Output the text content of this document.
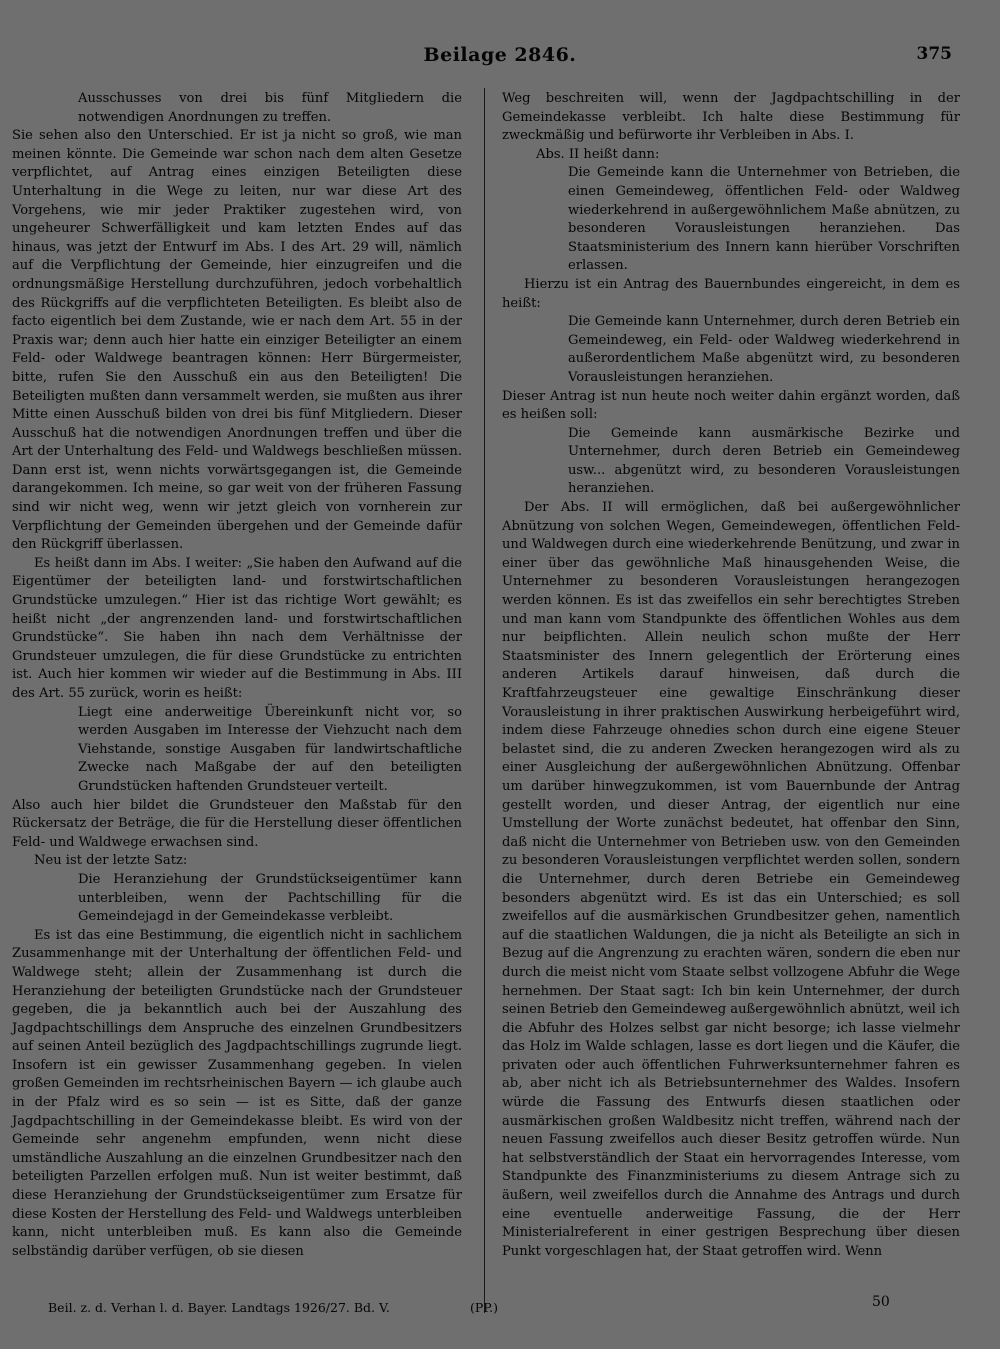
Beilage 2846.	375

Ausschusses von drei bis fünf Mitgliedern die notwendigen Anordnungen zu treffen.

Sie sehen also den Unterschied. Er ist ja nicht so groß, wie man meinen könnte. Die Gemeinde war schon nach dem alten Gesetze verpflichtet, auf Antrag eines einzigen Beteiligten diese Unterhaltung in die Wege zu leiten, nur war diese Art des Vorgehens, wie mir jeder Praktiker zugestehen wird, von ungeheurer Schwerfälligkeit und kam letzten Endes auf das hinaus, was jetzt der Entwurf im Abs. I des Art. 29 will, nämlich auf die Verpflichtung der Gemeinde, hier einzugreifen und die ordnungsmäßige Herstellung durchzuführen, jedoch vorbehaltlich des Rückgriffs auf die verpflichteten Beteiligten. Es bleibt also de facto eigentlich bei dem Zustande, wie er nach dem Art. 55 in der Praxis war; denn auch hier hatte ein einziger Beteiligter an einem Feld- oder Waldwege beantragen können: Herr Bürgermeister, bitte, rufen Sie den Ausschuß ein aus den Beteiligten! Die Beteiligten mußten dann versammelt werden, sie mußten aus ihrer Mitte einen Ausschuß bilden von drei bis fünf Mitgliedern. Dieser Ausschuß hat die notwendigen Anordnungen treffen und über die Art der Unterhaltung des Feld- und Waldwegs beschließen müssen. Dann erst ist, wenn nichts vorwärtsgegangen ist, die Gemeinde darangekommen. Ich meine, so gar weit von der früheren Fassung sind wir nicht weg, wenn wir jetzt gleich von vornherein zur Verpflichtung der Gemeinden übergehen und der Gemeinde dafür den Rückgriff überlassen.

Es heißt dann im Abs. I weiter: „Sie haben den Aufwand auf die Eigentümer der beteiligten land- und forstwirtschaftlichen Grundstücke umzulegen.“ Hier ist das richtige Wort gewählt; es heißt nicht „der angrenzenden land- und forstwirtschaftlichen Grundstücke“. Sie haben ihn nach dem Verhältnisse der Grundsteuer umzulegen, die für diese Grundstücke zu entrichten ist. Auch hier kommen wir wieder auf die Bestimmung in Abs. III des Art. 55 zurück, worin es heißt:

Liegt eine anderweitige Übereinkunft nicht vor, so werden Ausgaben im Interesse der Viehzucht nach dem Viehstande, sonstige Ausgaben für landwirtschaftliche Zwecke nach Maßgabe der auf den beteiligten Grundstücken haftenden Grundsteuer verteilt.

Also auch hier bildet die Grundsteuer den Maßstab für den Rückersatz der Beträge, die für die Herstellung dieser öffentlichen Feld- und Waldwege erwachsen sind.

Neu ist der letzte Satz:

Die Heranziehung der Grundstückseigentümer kann unterbleiben, wenn der Pachtschilling für die Gemeindejagd in der Gemeindekasse verbleibt.

Es ist das eine Bestimmung, die eigentlich nicht in sachlichem Zusammenhange mit der Unterhaltung der öffentlichen Feld- und Waldwege steht; allein der Zusammenhang ist durch die Heranziehung der beteiligten Grundstücke nach der Grundsteuer gegeben, die ja bekanntlich auch bei der Auszahlung des Jagdpachtschillings dem Anspruche des einzelnen Grundbesitzers auf seinen Anteil bezüglich des Jagdpachtschillings zugrunde liegt. Insofern ist ein gewisser Zusammenhang gegeben. In vielen großen Gemeinden im rechtsrheinischen Bayern — ich glaube auch in der Pfalz wird es so sein — ist es Sitte, daß der ganze Jagdpachtschilling in der Gemeindekasse bleibt. Es wird von der Gemeinde sehr angenehm empfunden, wenn nicht diese umständliche Auszahlung an die einzelnen Grundbesitzer nach den beteiligten Parzellen erfolgen muß. Nun ist weiter bestimmt, daß diese Heranziehung der Grundstückseigentümer zum Ersatze für diese Kosten der Herstellung des Feld- und Waldwegs unterbleiben kann, nicht unterbleiben muß. Es kann also die Gemeinde selbständig darüber verfügen, ob sie diesen

Weg beschreiten will, wenn der Jagdpachtschilling in der Gemeindekasse verbleibt. Ich halte diese Bestimmung für zweckmäßig und befürworte ihr Verbleiben in Abs. I.

Abs. II heißt dann:

Die Gemeinde kann die Unternehmer von Betrieben, die einen Gemeindeweg, öffentlichen Feld- oder Waldweg wiederkehrend in außergewöhnlichem Maße abnützen, zu besonderen Vorausleistungen heranziehen. Das Staatsministerium des Innern kann hierüber Vorschriften erlassen.

Hierzu ist ein Antrag des Bauernbundes eingereicht, in dem es heißt:

Die Gemeinde kann Unternehmer, durch deren Betrieb ein Gemeindeweg, ein Feld- oder Waldweg wiederkehrend in außerordentlichem Maße abgenützt wird, zu besonderen Vorausleistungen heranziehen.

Dieser Antrag ist nun heute noch weiter dahin ergänzt worden, daß es heißen soll:

Die Gemeinde kann ausmärkische Bezirke und Unternehmer, durch deren Betrieb ein Gemeindeweg usw... abgenützt wird, zu besonderen Vorausleistungen heranziehen.

Der Abs. II will ermöglichen, daß bei außergewöhnlicher Abnützung von solchen Wegen, Gemeindewegen, öffentlichen Feld- und Waldwegen durch eine wiederkehrende Benützung, und zwar in einer über das gewöhnliche Maß hinausgehenden Weise, die Unternehmer zu besonderen Vorausleistungen herangezogen werden können. Es ist das zweifellos ein sehr berechtigtes Streben und man kann vom Standpunkte des öffentlichen Wohles aus dem nur beipflichten. Allein neulich schon mußte der Herr Staatsminister des Innern gelegentlich der Erörterung eines anderen Artikels darauf hinweisen, daß durch die Kraftfahrzeugsteuer eine gewaltige Einschränkung dieser Vorausleistung in ihrer praktischen Auswirkung herbeigeführt wird, indem diese Fahrzeuge ohnedies schon durch eine eigene Steuer belastet sind, die zu anderen Zwecken herangezogen wird als zu einer Ausgleichung der außergewöhnlichen Abnützung. Offenbar um darüber hinwegzukommen, ist vom Bauernbunde der Antrag gestellt worden, und dieser Antrag, der eigentlich nur eine Umstellung der Worte zunächst bedeutet, hat offenbar den Sinn, daß nicht die Unternehmer von Betrieben usw. von den Gemeinden zu besonderen Vorausleistungen verpflichtet werden sollen, sondern die Unternehmer, durch deren Betriebe ein Gemeindeweg besonders abgenützt wird. Es ist das ein Unterschied; es soll zweifellos auf die ausmärkischen Grundbesitzer gehen, namentlich auf die staatlichen Waldungen, die ja nicht als Beteiligte an sich in Bezug auf die Angrenzung zu erachten wären, sondern die eben nur durch die meist nicht vom Staate selbst vollzogene Abfuhr die Wege hernehmen. Der Staat sagt: Ich bin kein Unternehmer, der durch seinen Betrieb den Gemeindeweg außergewöhnlich abnützt, weil ich die Abfuhr des Holzes selbst gar nicht besorge; ich lasse vielmehr das Holz im Walde schlagen, lasse es dort liegen und die Käufer, die privaten oder auch öffentlichen Fuhrwerksunternehmer fahren es ab, aber nicht ich als Betriebsunternehmer des Waldes. Insofern würde die Fassung des Entwurfs diesen staatlichen oder ausmärkischen großen Waldbesitz nicht treffen, während nach der neuen Fassung zweifellos auch dieser Besitz getroffen würde. Nun hat selbstverständlich der Staat ein hervorragendes Interesse, vom Standpunkte des Finanzministeriums zu diesem Antrage sich zu äußern, weil zweifellos durch die Annahme des Antrags und durch eine eventuelle anderweitige Fassung, die der Herr Ministerialreferent in einer gestrigen Besprechung über diesen Punkt vorgeschlagen hat, der Staat getroffen wird. Wenn

Beil. z. d. Verhan l. d. Bayer. Landtags 1926/27. Bd. V.	(PP.)	50
